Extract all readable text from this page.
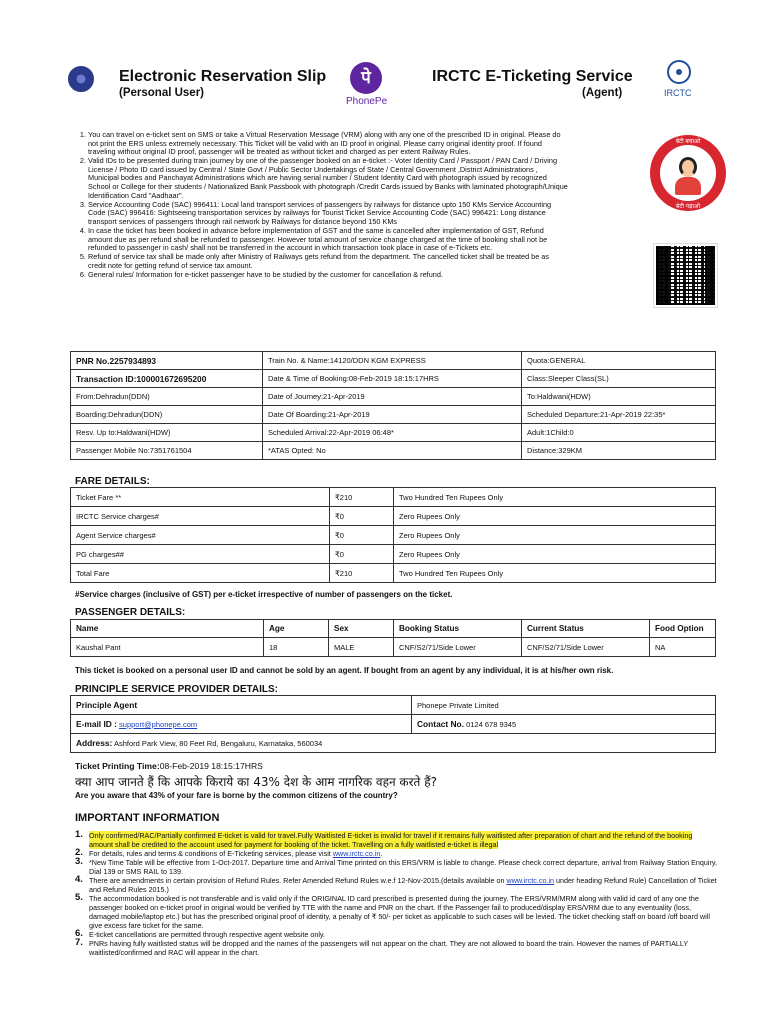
Electronic Reservation Slip
(Personal User)
पे
PhonePe
IRCTC E-Ticketing Service
(Agent)	IRCTC
1. You can travel on e-ticket sent on SMS or take a Virtual Reservation Message (VRM) along with any one of the prescribed ID in original. Please do not print the ERS unless extremely necessary. This Ticket will be valid with an ID proof in original. Please carry original identity proof. If found traveling without original ID proof, passenger will be treated as without ticket and charged as per extent Railway Rules.
2. Valid IDs to be presented during train journey by one of the passenger booked on an e-ticket :- Voter Identity Card / Passport / PAN Card / Driving License / Photo ID card issued by Central / State Govt / Public Sector Undertakings of State / Central Government ,District Administrations , Municipal bodies and Panchayat Administrations which are having serial number / Student Identity Card with photograph issued by recognized School or College for their students / Nationalized Bank Passbook with photograph /Credit Cards issued by Banks with laminated photograph/Unique Identification Card "Aadhaar".
3. Service Accounting Code (SAC) 996411: Local land transport services of passengers by railways for distance upto 150 KMs Service Accounting Code (SAC) 996416: Sightseeing transportation services by railways for Tourist Ticket Service Accounting Code (SAC) 996421: Long distance transport services of passengers through rail network by Railways for distance beyond 150 KMs
4. In case the ticket has been booked in advance before implementation of GST and the same is cancelled after implementation of GST, Refund amount due as per refund shall be refunded to passenger. However total amount of service change charged at the time of booking shall not be refunded to passenger in cash/ shall not be transferred in the account in which transaction took place in case of e-Tickets etc.
5. Refund of service tax shall be made only after Ministry of Railways gets refund from the department. The cancelled ticket shall be treated be as credit note for getting refund of service tax amount.
6. General rules/ Information for e-ticket passenger have to be studied by the customer for cancellation & refund.
बेटी बचाओ
बेटी पढ़ाओ
PNR No.2257934893	Train No. & Name:14120/DDN KGM EXPRESS	Quota:GENERAL
Transaction ID:100001672695200	Date & Time of Booking:08-Feb-2019 18:15:17HRS	Class:Sleeper Class(SL)
From:Dehradun(DDN)	Date of Journey:21-Apr-2019	To:Haldwani(HDW)
Boarding:Dehradun(DDN)	Date Of Boarding:21-Apr-2019	Scheduled Departure:21-Apr-2019 22:35*
Resv. Up to:Haldwani(HDW)	Scheduled Arrival:22-Apr-2019 06:48*	Adult:1Child:0
Passenger Mobile No:7351761504	*ATAS Opted: No	Distance:329KM
FARE DETAILS:
Ticket Fare **	₹210	Two Hundred Ten Rupees Only
IRCTC Service charges#	₹0	Zero Rupees Only
Agent Service charges#	₹0	Zero Rupees Only
PG charges##	₹0	Zero Rupees Only
Total Fare	₹210	Two Hundred Ten Rupees Only
#Service charges (inclusive of GST) per e-ticket irrespective of number of passengers on the ticket.
PASSENGER DETAILS:
Name	Age	Sex	Booking Status	Current Status	Food Option
Kaushal Pant	18	MALE	CNF/S2/71/Side Lower	CNF/S2/71/Side Lower	NA
This ticket is booked on a personal user ID and cannot be sold by an agent. If bought from an agent by any individual, it is at his/her own risk.
PRINCIPLE SERVICE PROVIDER DETAILS:
Principle Agent	Phonepe Private Limited
E-mail ID : support@phonepe.com	Contact No. 0124 678 9345
Address: Ashford Park View, 80 Feet Rd, Bengaluru, Karnataka, 560034	
Ticket Printing Time:08-Feb-2019 18:15:17HRS
क्या आप जानते हैं कि आपके किराये का 43% देश के आम नागरिक वहन करते हैं?
Are you aware that 43% of your fare is borne by the common citizens of the country?
IMPORTANT INFORMATION
1. Only confirmed/RAC/Partially confirmed E-ticket is valid for travel.Fully Waitlisted E-ticket is invalid for travel if it remains fully waitlisted after preparation of chart and the refund of the booking amount shall be credited to the account used for payment for booking of the ticket. Travelling on a fully waitlisted e-ticket is illegal
2. For details, rules and terms & conditions of E-Ticketing services, please visit www.irctc.co.in.
3. *New Time Table will be effective from 1-Oct-2017. Departure time and Arrival Time printed on this ERS/VRM is liable to change. Please check correct departure, arrival from Railway Station Enquiry, Dial 139 or SMS RAIL to 139.
4. There are amendments in certain provision of Refund Rules. Refer Amended Refund Rules w.e.f 12-Nov-2015.(details available on www.irctc.co.in under heading Refund Rule) Cancellation of Ticket and Refund Rules 2015.)
5. The accommodation booked is not transferable and is valid only if the ORIGINAL ID card prescribed is presented during the journey. The ERS/VRM/MRM along with valid id card of any one the passenger booked on e-ticket proof in original would be verified by TTE with the name and PNR on the chart. If the Passenger fail to produced/display ERS/VRM due to any eventuality (loss, damaged mobile/laptop etc.) but has the prescribed original proof of identity, a penalty of ₹ 50/- per ticket as applicable to such cases will be levied. The ticket checking staff on board /off board will give excess fare ticket for the same.
6. E-ticket cancellations are permitted through respective agent website only.
7. PNRs having fully waitlisted status will be dropped and the names of the passengers will not appear on the chart. They are not allowed to board the train. However the names of PARTIALLY waitlisted/confirmed and RAC will appear in the chart.
